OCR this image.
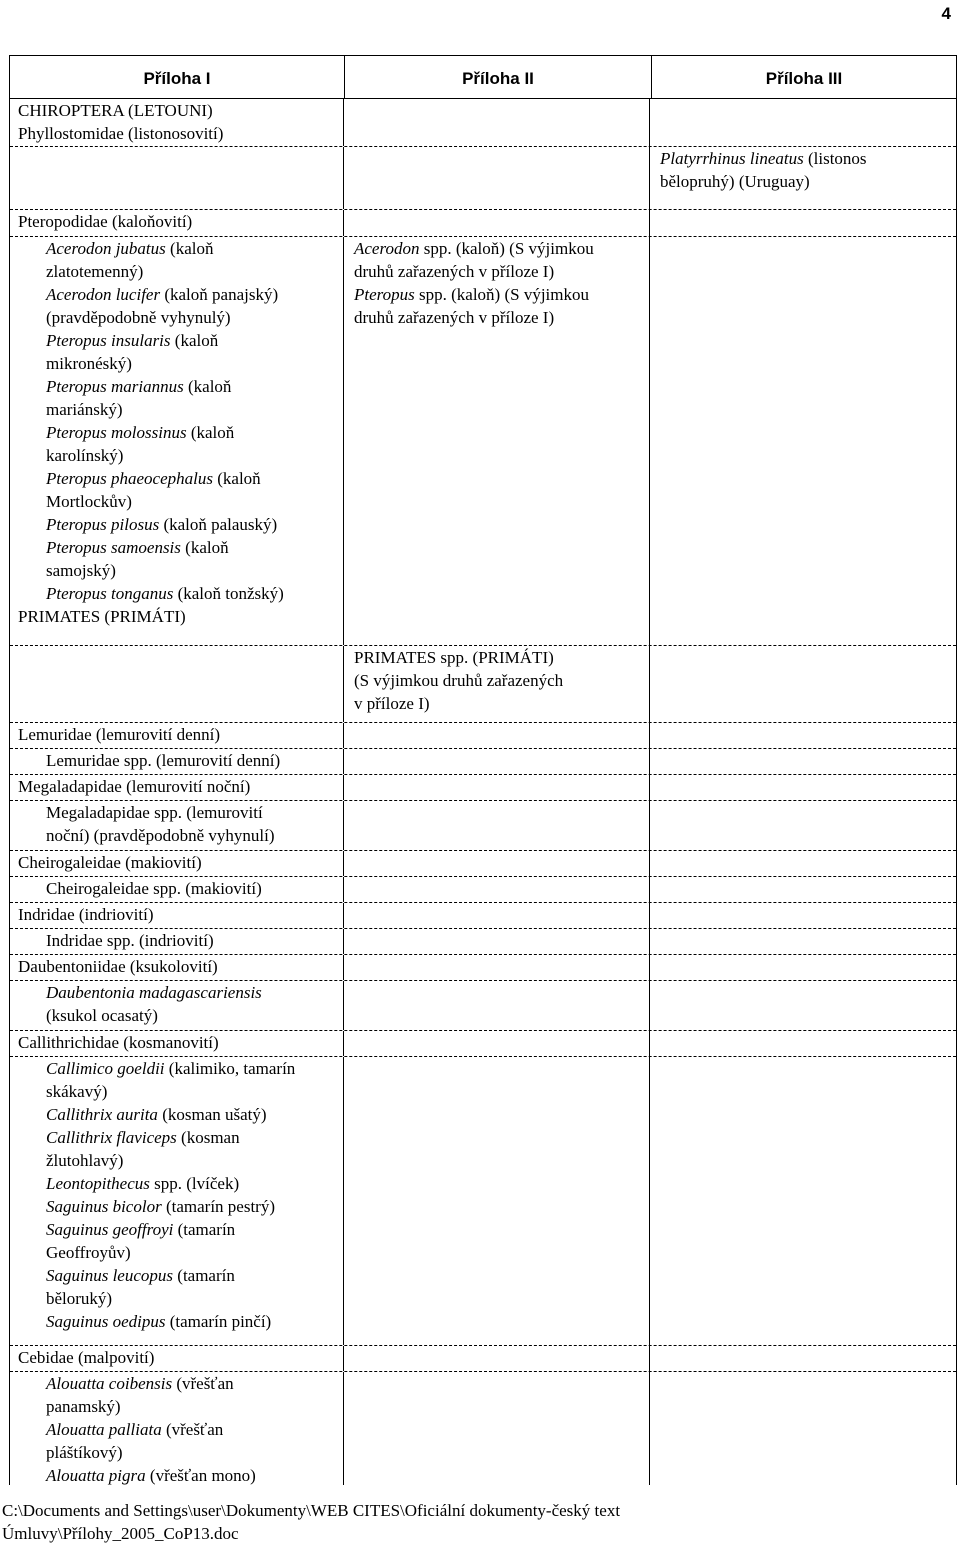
4
Příloha I	Příloha II	Příloha III
CHIROPTERA (LETOUNI)
Phyllostomidae (listonosovití)
Platyrrhinus lineatus (listonos
bělopruhý) (Uruguay)
Pteropodidae (kaloňovití)
Acerodon jubatus (kaloň
zlatotemenný)
Acerodon lucifer (kaloň panajský)
(pravděpodobně vyhynulý)
Pteropus insularis (kaloň
mikronéský)
Pteropus mariannus (kaloň
mariánský)
Pteropus molossinus (kaloň
karolínský)
Pteropus phaeocephalus (kaloň
Mortlockův)
Pteropus pilosus (kaloň palauský)
Pteropus samoensis (kaloň
samojský)
Pteropus tonganus (kaloň tonžský)
PRIMATES (PRIMÁTI)
Acerodon spp. (kaloň) (S výjimkou
druhů zařazených v příloze I)
Pteropus spp. (kaloň) (S výjimkou
druhů zařazených v příloze I)
PRIMATES spp. (PRIMÁTI)
(S výjimkou druhů zařazených
v příloze I)
Lemuridae (lemurovití denní)
Lemuridae spp. (lemurovití denní)
Megaladapidae (lemurovití noční)
Megaladapidae spp. (lemurovití
noční) (pravděpodobně vyhynulí)
Cheirogaleidae (makiovití)
Cheirogaleidae spp. (makiovití)
Indridae (indriovití)
Indridae spp. (indriovití)
Daubentoniidae (ksukolovití)
Daubentonia madagascariensis
(ksukol ocasatý)
Callithrichidae (kosmanovití)
Callimico goeldii (kalimiko, tamarín
skákavý)
Callithrix aurita (kosman ušatý)
Callithrix flaviceps (kosman
žlutohlavý)
Leontopithecus spp. (lvíček)
Saguinus bicolor (tamarín pestrý)
Saguinus geoffroyi (tamarín
Geoffroyův)
Saguinus leucopus (tamarín
běloruký)
Saguinus oedipus (tamarín pinčí)
Cebidae (malpovití)
Alouatta coibensis (vřešťan
panamský)
Alouatta palliata (vřešťan
pláštíkový)
Alouatta pigra (vřešťan mono)
C:\Documents and Settings\user\Dokumenty\WEB CITES\Oficiální dokumenty-český text
Úmluvy\Přílohy_2005_CoP13.doc
